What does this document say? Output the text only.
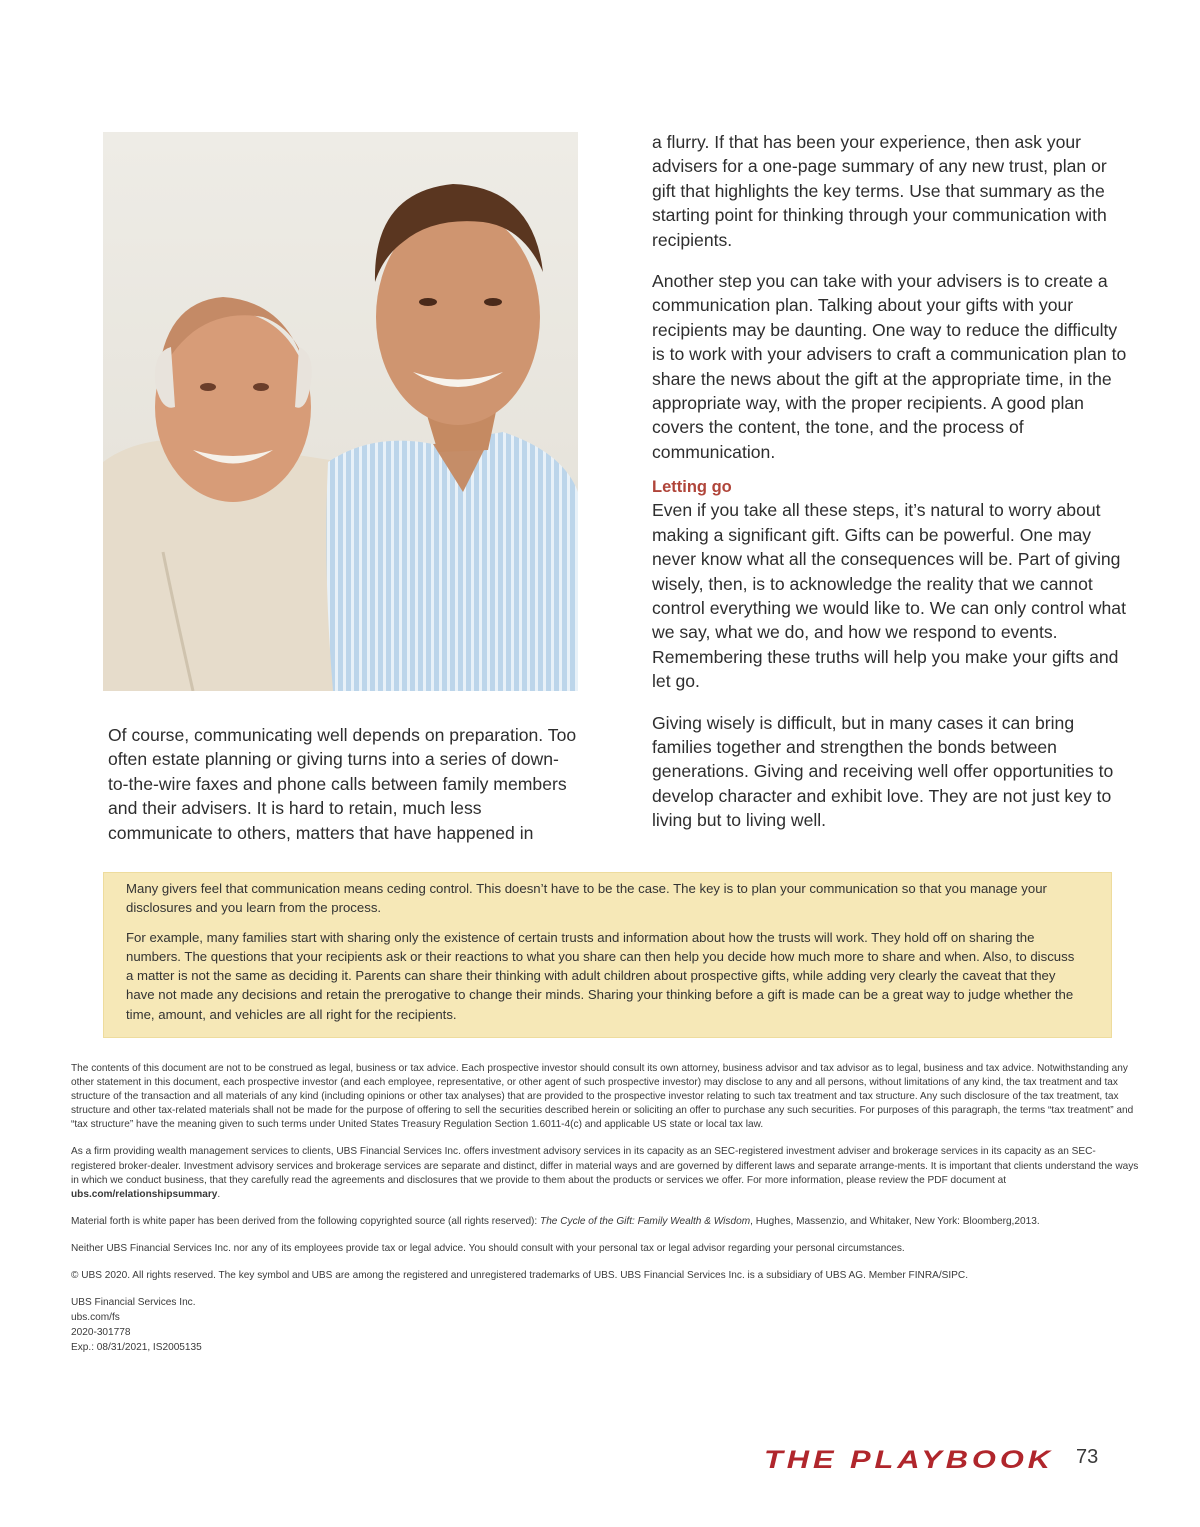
a flurry. If that has been your experience, then ask your advisers for a one-page summary of any new trust, plan or gift that highlights the key terms. Use that summary as the starting point for thinking through your communication with recipients.

Another step you can take with your advisers is to create a communication plan. Talking about your gifts with your recipients may be daunting. One way to reduce the difficulty is to work with your advisers to craft a communication plan to share the news about the gift at the appropriate time, in the appropriate way, with the proper recipients. A good plan covers the content, the tone, and the process of communication.

Letting go

Even if you take all these steps, it’s natural to worry about making a significant gift. Gifts can be powerful. One may never know what all the consequences will be. Part of giving wisely, then, is to acknowledge the reality that we cannot control everything we would like to. We can only control what we say, what we do, and how we respond to events. Remembering these truths will help you make your gifts and let go.

Giving wisely is difficult, but in many cases it can bring families together and strengthen the bonds between generations. Giving and receiving well offer opportunities to develop character and exhibit love. They are not just key to living but to living well.

Of course, communicating well depends on preparation. Too often estate planning or giving turns into a series of down-to-the-wire faxes and phone calls between family members and their advisers. It is hard to retain, much less communicate to others, matters that have happened in

Many givers feel that communication means ceding control. This doesn’t have to be the case. The key is to plan your communication so that you manage your disclosures and you learn from the process.

For example, many families start with sharing only the existence of certain trusts and information about how the trusts will work. They hold off on sharing the numbers. The questions that your recipients ask or their reactions to what you share can then help you decide how much more to share and when. Also, to discuss a matter is not the same as deciding it. Parents can share their thinking with adult children about prospective gifts, while adding very clearly the caveat that they have not made any decisions and retain the prerogative to change their minds. Sharing your thinking before a gift is made can be a great way to judge whether the time, amount, and vehicles are all right for the recipients.

The contents of this document are not to be construed as legal, business or tax advice. Each prospective investor should consult its own attorney, business advisor and tax advisor as to legal, business and tax advice. Notwithstanding any other statement in this document, each prospective investor (and each employee, representative, or other agent of such prospective investor) may disclose to any and all persons, without limitations of any kind, the tax treatment and tax structure of the transaction and all materials of any kind (including opinions or other tax analyses) that are provided to the prospective investor relating to such tax treatment and tax structure. Any such disclosure of the tax treatment, tax structure and other tax-related materials shall not be made for the purpose of offering to sell the securities described herein or soliciting an offer to purchase any such securities. For purposes of this paragraph, the terms “tax treatment” and “tax structure” have the meaning given to such terms under United States Treasury Regulation Section 1.6011-4(c) and applicable US state or local tax law.

As a firm providing wealth management services to clients, UBS Financial Services Inc. offers investment advisory services in its capacity as an SEC-registered investment adviser and brokerage services in its capacity as an SEC-registered broker-dealer. Investment advisory services and brokerage services are separate and distinct, differ in material ways and are governed by different laws and separate arrange-ments. It is important that clients understand the ways in which we conduct business, that they carefully read the agreements and disclosures that we provide to them about the products or services we offer. For more information, please review the PDF document at ubs.com/relationshipsummary.

Material forth is white paper has been derived from the following copyrighted source (all rights reserved): The Cycle of the Gift: Family Wealth & Wisdom, Hughes, Massenzio, and Whitaker, New York: Bloomberg,2013.

Neither UBS Financial Services Inc. nor any of its employees provide tax or legal advice. You should consult with your personal tax or legal advisor regarding your personal circumstances.

© UBS 2020. All rights reserved. The key symbol and UBS are among the registered and unregistered trademarks of UBS. UBS Financial Services Inc. is a subsidiary of UBS AG. Member FINRA/SIPC.

UBS Financial Services Inc.
ubs.com/fs
2020-301778
Exp.: 08/31/2021, IS2005135
THE PLAYBOOK 73
